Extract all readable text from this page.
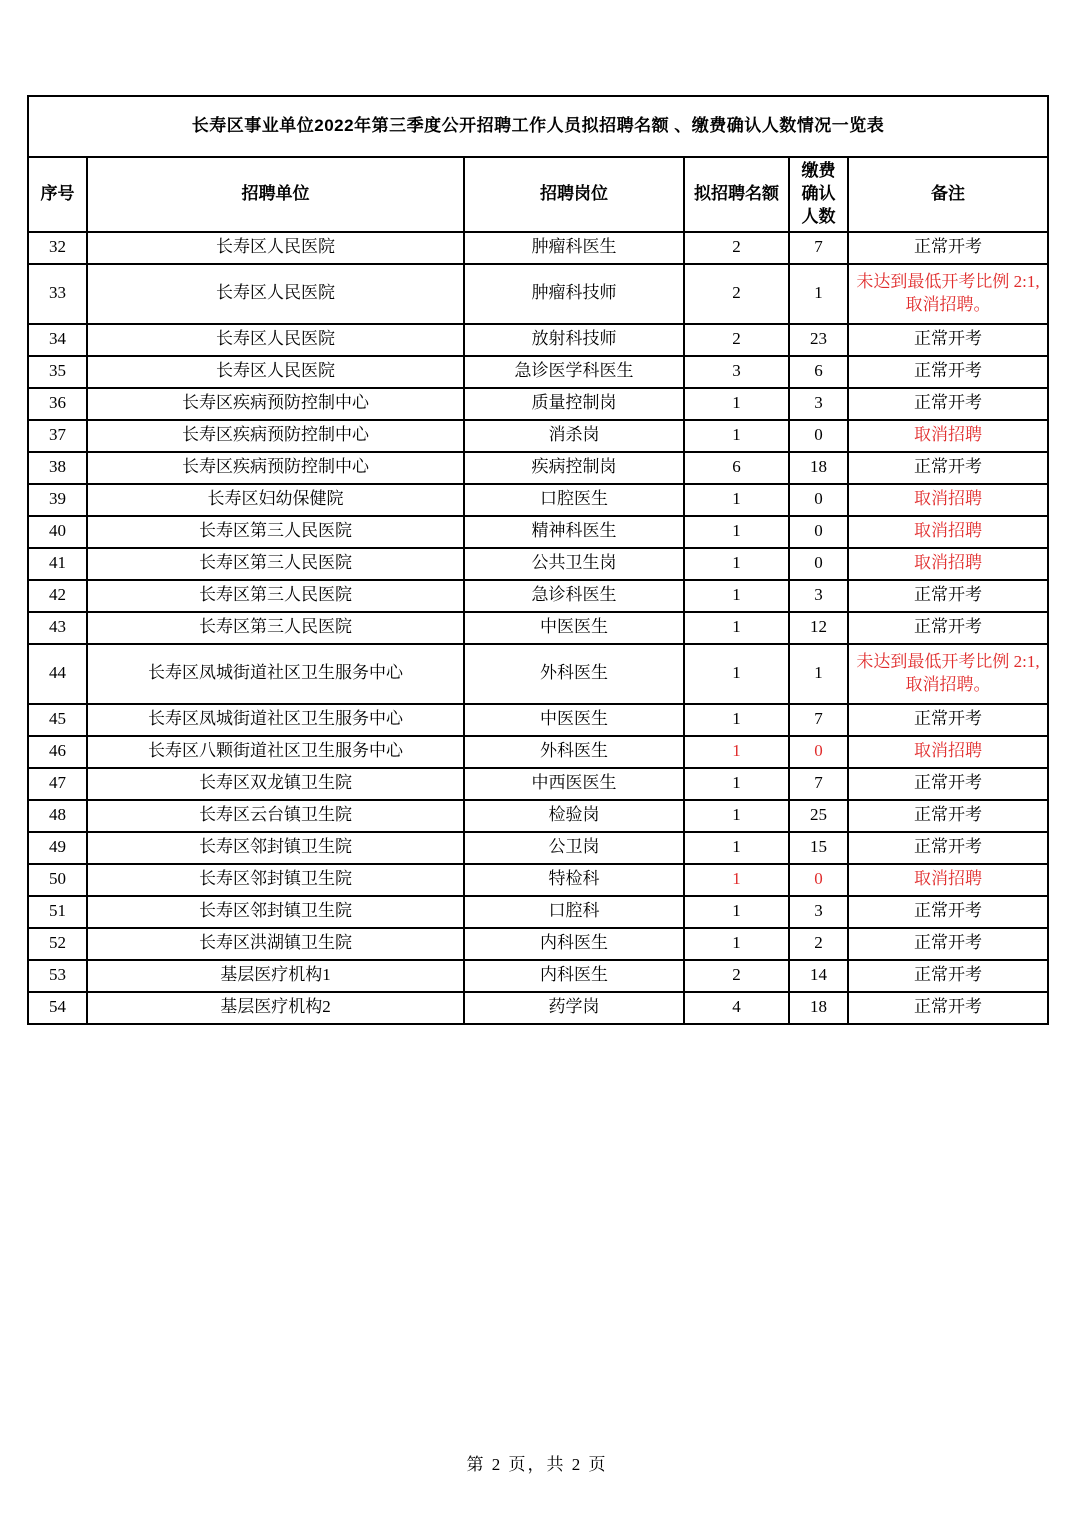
长寿区事业单位2022年第三季度公开招聘工作人员拟招聘名额 、缴费确认人数情况一览表					
序号	招聘单位	招聘岗位	拟招聘名额	缴费确认人数	备注
32	长寿区人民医院	肿瘤科医生	2	7	正常开考
33	长寿区人民医院	肿瘤科技师	2	1	未达到最低开考比例 2:1, 取消招聘。
34	长寿区人民医院	放射科技师	2	23	正常开考
35	长寿区人民医院	急诊医学科医生	3	6	正常开考
36	长寿区疾病预防控制中心	质量控制岗	1	3	正常开考
37	长寿区疾病预防控制中心	消杀岗	1	0	取消招聘
38	长寿区疾病预防控制中心	疾病控制岗	6	18	正常开考
39	长寿区妇幼保健院	口腔医生	1	0	取消招聘
40	长寿区第三人民医院	精神科医生	1	0	取消招聘
41	长寿区第三人民医院	公共卫生岗	1	0	取消招聘
42	长寿区第三人民医院	急诊科医生	1	3	正常开考
43	长寿区第三人民医院	中医医生	1	12	正常开考
44	长寿区凤城街道社区卫生服务中心	外科医生	1	1	未达到最低开考比例 2:1, 取消招聘。
45	长寿区凤城街道社区卫生服务中心	中医医生	1	7	正常开考
46	长寿区八颗街道社区卫生服务中心	外科医生	1	0	取消招聘
47	长寿区双龙镇卫生院	中西医医生	1	7	正常开考
48	长寿区云台镇卫生院	检验岗	1	25	正常开考
49	长寿区邻封镇卫生院	公卫岗	1	15	正常开考
50	长寿区邻封镇卫生院	特检科	1	0	取消招聘
51	长寿区邻封镇卫生院	口腔科	1	3	正常开考
52	长寿区洪湖镇卫生院	内科医生	1	2	正常开考
53	基层医疗机构1	内科医生	2	14	正常开考
54	基层医疗机构2	药学岗	4	18	正常开考
第 2 页，共 2 页
